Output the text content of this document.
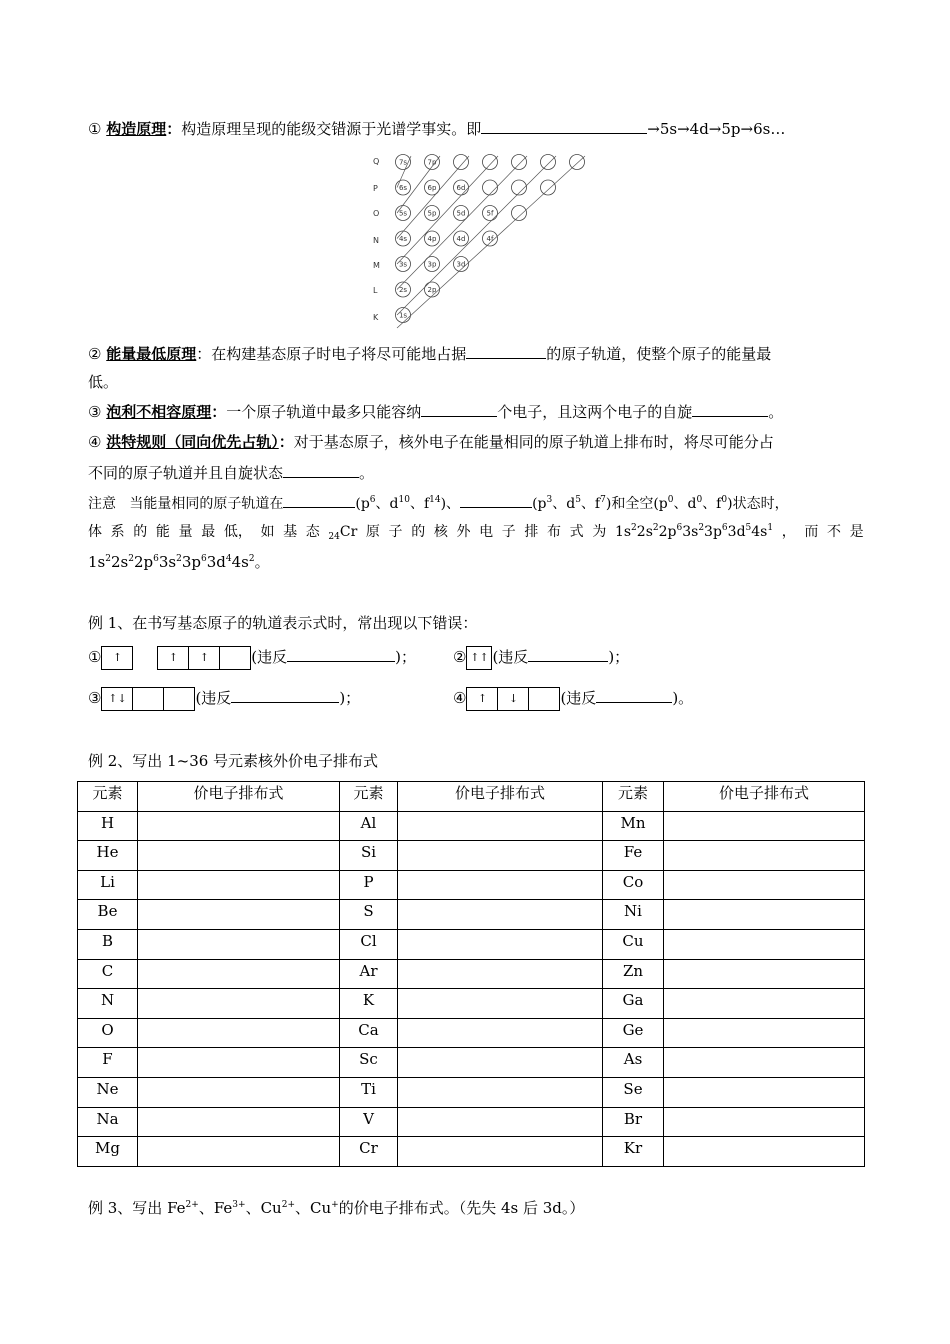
① 构造原理：构造原理呈现的能级交错源于光谱学事实。即	→5s→4d→5p→6s…
Q
P
O
N
M
L
K
7s	7p
6s	6p	6d
5s	5p	5d	5f
4s	4p	4d	4f
3s	3p	3d
2s	2p
1s
② 能量最低原理：在构建基态原子时电子将尽可能地占据	的原子轨道，使整个原子的能量最
低。
③ 泡利不相容原理：一个原子轨道中最多只能容纳	个电子，且这两个电子的自旋	。
④ 洪特规则（同向优先占轨）：对于基态原子，核外电子在能量相同的原子轨道上排布时，将尽可能分占
不同的原子轨道并且自旋状态	。
注意 当能量相同的原子轨道在	($p^6$、$d^{10}$、$f^{14}$)、	($p^3$、$d^5$、$f^7$)和全空($p^0$、$d^0$、$f^0$)状态时，
体 系 的 能 量 最 低， 如 基 态 $_{24}$Cr 原 子 的 核 外 电 子 排 布 式 为 $1s^22s^22p^63s^23p^63d^54s^1$ ， 而 不 是
$1s^22s^22p^63s^23p^63d^44s^2$。
例 1、在书写基态原子的轨道表示式时，常出现以下错误：
①	↑
	↑	↑	(违反	)； ② ↑↑ (违反	)；
③ ↑↓	(违反	)；	④	↑	↓	(违反	)。
例 2、写出 1~36 号元素核外价电子排布式
元素	价电子排布式	元素	价电子排布式	元素	价电子排布式
H		Al		Mn	
He		Si		Fe	
Li		P		Co	
Be		S		Ni	
B		Cl		Cu	
C		Ar		Zn	
N		K		Ga	
O		Ca		Ge	
F		Sc		As	
Ne		Ti		Se	
Na		V		Br	
Mg		Cr		Kr	
例 3、写出 $Fe^{2+}$、$Fe^{3+}$、$Cu^{2+}$、Cu+的价电子排布式。（先失 4s 后 3d。）
